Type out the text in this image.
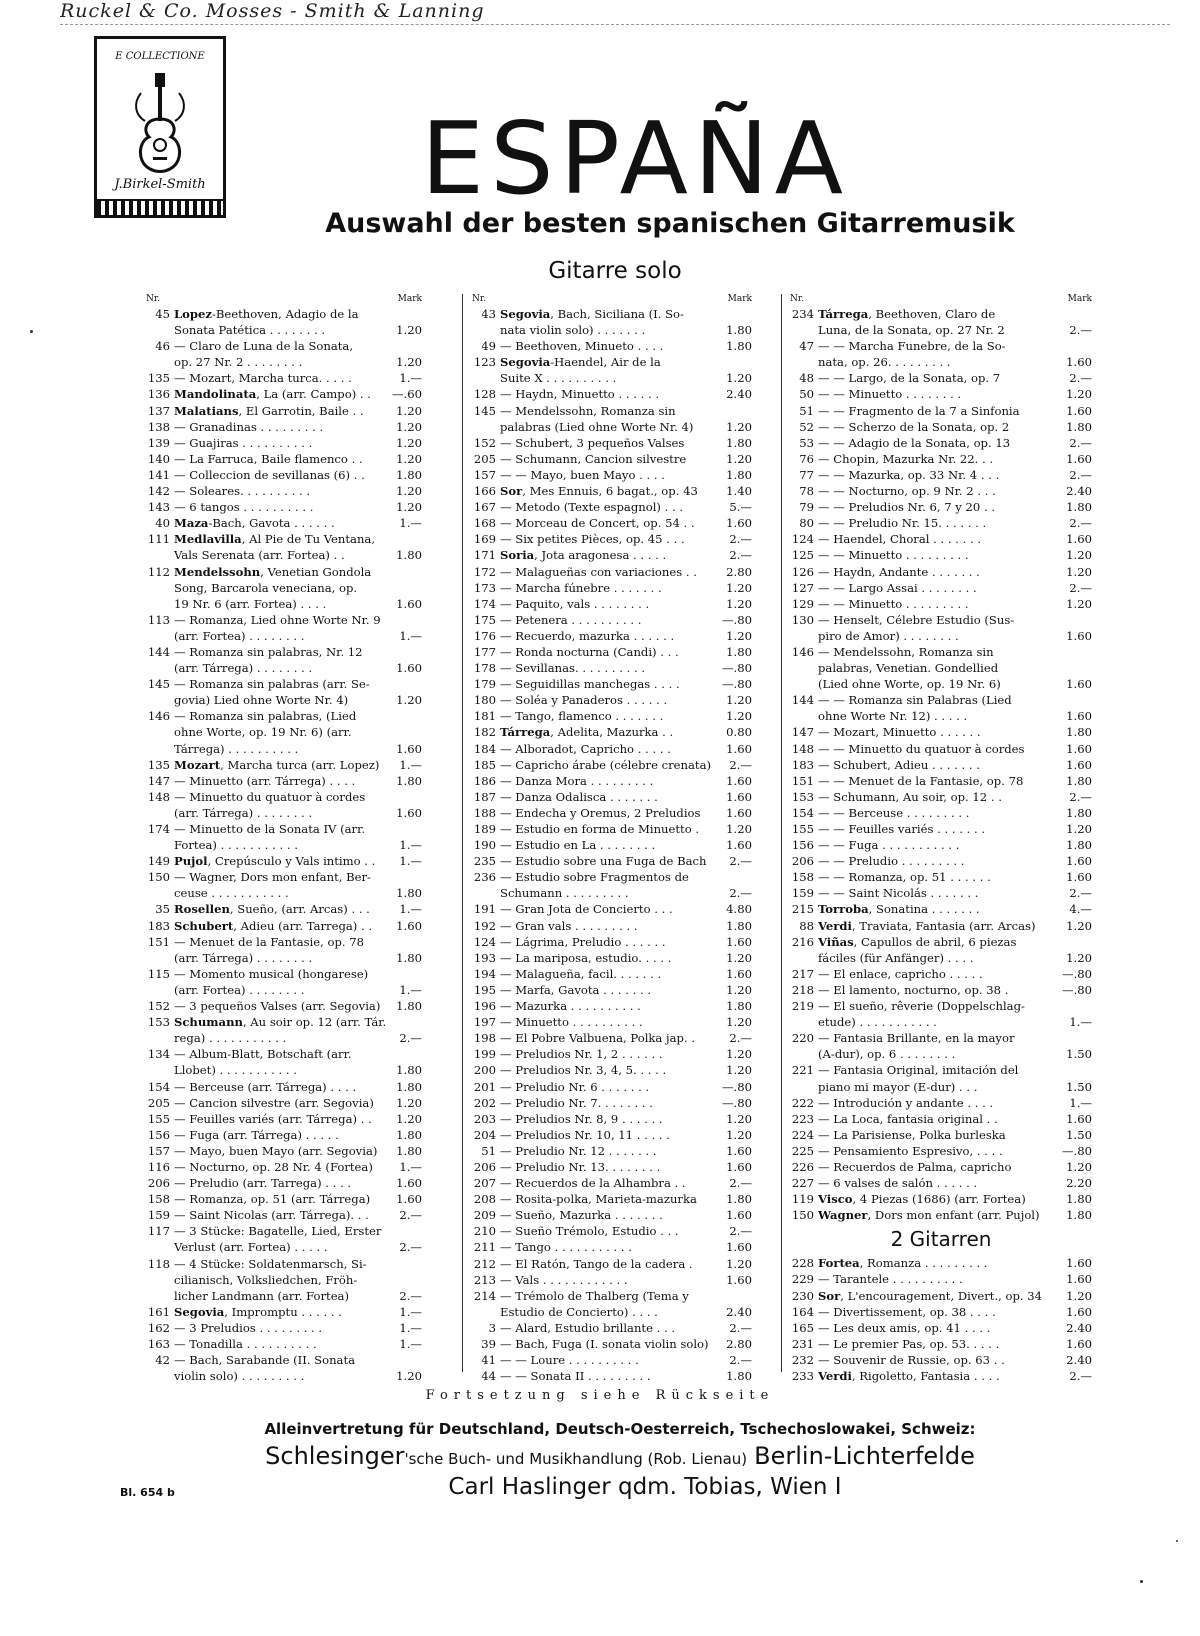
Ruckel & Co. Mosses - Smith & Lanning
E COLLECTIONE
J.Birkel-Smith	ESPAÑA
Auswahl der besten spanischen Gitarremusik
Gitarre solo
Nr.	Mark
45 Lopez-Beethoven, Adagio de la
Sonata Patética . . . . . . . .	1.20
46 — Claro de Luna de la Sonata,
op. 27 Nr. 2 . . . . . . . .	1.20
135 — Mozart, Marcha turca. . . . .	1.—
136 Mandolinata, La (arr. Campo) . .	—.60
137 Malatians, El Garrotin, Baile . .	1.20
138 — Granadinas . . . . . . . . .	1.20
139 — Guajiras . . . . . . . . . .	1.20
140 — La Farruca, Baile flamenco . .	1.20
141 — Colleccion de sevillanas (6) . .	1.80
142 — Soleares. . . . . . . . . .	1.20
143 — 6 tangos . . . . . . . . . .	1.20
40 Maza-Bach, Gavota . . . . . .	1.—
111 Medlavilla, Al Pie de Tu Ventana,
Vals Serenata (arr. Fortea) . .	1.80
112 Mendelssohn, Venetian Gondola
Song, Barcarola veneciana, op.
19 Nr. 6 (arr. Fortea) . . . .	1.60
113 — Romanza, Lied ohne Worte Nr. 9
(arr. Fortea) . . . . . . . .	1.—
144 — Romanza sin palabras, Nr. 12
(arr. Tárrega) . . . . . . . .	1.60
145 — Romanza sin palabras (arr. Se-
govia) Lied ohne Worte Nr. 4)	1.20
146 — Romanza sin palabras, (Lied
ohne Worte, op. 19 Nr. 6) (arr.
Tárrega) . . . . . . . . . .	1.60
135 Mozart, Marcha turca (arr. Lopez)	1.—
147 — Minuetto (arr. Tárrega) . . . .	1.80
148 — Minuetto du quatuor à cordes
(arr. Tárrega) . . . . . . . .	1.60
174 — Minuetto de la Sonata IV (arr.
Fortea) . . . . . . . . . . .	1.—
149 Pujol, Crepúsculo y Vals intimo . .	1.—
150 — Wagner, Dors mon enfant, Ber-
ceuse . . . . . . . . . . .	1.80
35 Rosellen, Sueño, (arr. Arcas) . . .	1.—
183 Schubert, Adieu (arr. Tarrega) . .	1.60
151 — Menuet de la Fantasie, op. 78
(arr. Tárrega) . . . . . . . .	1.80
115 — Momento musical (hongarese)
(arr. Fortea) . . . . . . . .	1.—
152 — 3 pequeños Valses (arr. Segovia)	1.80
153 Schumann, Au soir op. 12 (arr. Tár.
rega) . . . . . . . . . . .	2.—
134 — Album-Blatt, Botschaft (arr.
Llobet) . . . . . . . . . . .	1.80
154 — Berceuse (arr. Tárrega) . . . .	1.80
205 — Cancion silvestre (arr. Segovia)	1.20
155 — Feuilles variés (arr. Tárrega) . .	1.20
156 — Fuga (arr. Tárrega) . . . . .	1.80
157 — Mayo, buen Mayo (arr. Segovia)	1.80
116 — Nocturno, op. 28 Nr. 4 (Fortea)	1.—
206 — Preludio (arr. Tarrega) . . . .	1.60
158 — Romanza, op. 51 (arr. Tárrega)	1.60
159 — Saint Nicolas (arr. Tárrega). . .	2.—
117 — 3 Stücke: Bagatelle, Lied, Erster
Verlust (arr. Fortea) . . . . .	2.—
118 — 4 Stücke: Soldatenmarsch, Si-
cilianisch, Volksliedchen, Fröh-
licher Landmann (arr. Fortea)	2.—
161 Segovia, Impromptu . . . . . .	1.—
162 — 3 Preludios . . . . . . . . .	1.—
163 — Tonadilla . . . . . . . . . .	1.—
42 — Bach, Sarabande (II. Sonata
violin solo) . . . . . . . . .	1.20
Nr.	Mark
43 Segovia, Bach, Siciliana (I. So-
nata violin solo) . . . . . . .	1.80
49 — Beethoven, Minueto . . . .	1.80
123 Segovia-Haendel, Air de la
Suite X . . . . . . . . . .	1.20
128 — Haydn, Minuetto . . . . . .	2.40
145 — Mendelssohn, Romanza sin
palabras (Lied ohne Worte Nr. 4)	1.20
152 — Schubert, 3 pequeños Valses	1.80
205 — Schumann, Cancion silvestre	1.20
157 — — Mayo, buen Mayo . . . .	1.80
166 Sor, Mes Ennuis, 6 bagat., op. 43	1.40
167 — Metodo (Texte espagnol) . . .	5.—
168 — Morceau de Concert, op. 54 . .	1.60
169 — Six petites Pièces, op. 45 . . .	2.—
171 Soria, Jota aragonesa . . . . .	2.—
172 — Malagueñas con variaciones . .	2.80
173 — Marcha fúnebre . . . . . . .	1.20
174 — Paquito, vals . . . . . . . .	1.20
175 — Petenera . . . . . . . . . .	—.80
176 — Recuerdo, mazurka . . . . . .	1.20
177 — Ronda nocturna (Candi) . . .	1.80
178 — Sevillanas. . . . . . . . . .	—.80
179 — Seguidillas manchegas . . . .	—.80
180 — Soléa y Panaderos . . . . . .	1.20
181 — Tango, flamenco . . . . . . .	1.20
182 Tárrega, Adelita, Mazurka . .	0.80
184 — Alboradot, Capricho . . . . .	1.60
185 — Capricho árabe (célebre crenata)	2.—
186 — Danza Mora . . . . . . . . .	1.60
187 — Danza Odalisca . . . . . . .	1.60
188 — Endecha y Oremus, 2 Preludios	1.60
189 — Estudio en forma de Minuetto .	1.20
190 — Estudio en La . . . . . . . .	1.60
235 — Estudio sobre una Fuga de Bach	2.—
236 — Estudio sobre Fragmentos de
Schumann . . . . . . . . .	2.—
191 — Gran Jota de Concierto . . .	4.80
192 — Gran vals . . . . . . . . .	1.80
124 — Lágrima, Preludio . . . . . .	1.60
193 — La mariposa, estudio. . . . .	1.20
194 — Malagueña, facil. . . . . . .	1.60
195 — Marfa, Gavota . . . . . . .	1.20
196 — Mazurka . . . . . . . . . .	1.80
197 — Minuetto . . . . . . . . . .	1.20
198 — El Pobre Valbuena, Polka jap. .	2.—
199 — Preludios Nr. 1, 2 . . . . . .	1.20
200 — Preludios Nr. 3, 4, 5. . . . .	1.20
201 — Preludio Nr. 6 . . . . . . .	—.80
202 — Preludio Nr. 7. . . . . . . .	—.80
203 — Preludios Nr. 8, 9 . . . . . .	1.20
204 — Preludios Nr. 10, 11 . . . . .	1.20
51 — Preludio Nr. 12 . . . . . . .	1.60
206 — Preludio Nr. 13. . . . . . . .	1.60
207 — Recuerdos de la Alhambra . .	2.—
208 — Rosita-polka, Marieta-mazurka	1.80
209 — Sueño, Mazurka . . . . . . .	1.60
210 — Sueño Trémolo, Estudio . . .	2.—
211 — Tango . . . . . . . . . . .	1.60
212 — El Ratón, Tango de la cadera .	1.20
213 — Vals . . . . . . . . . . . .	1.60
214 — Trémolo de Thalberg (Tema y
Estudio de Concierto) . . . .	2.40
3 — Alard, Estudio brillante . . .	2.—
39 — Bach, Fuga (I. sonata violin solo)	2.80
41 — — Loure . . . . . . . . . .	2.—
44 — — Sonata II . . . . . . . . .	1.80
Nr.	Mark
234 Tárrega, Beethoven, Claro de
Luna, de la Sonata, op. 27 Nr. 2	2.—
47 — — Marcha Funebre, de la So-
nata, op. 26. . . . . . . . .	1.60
48 — — Largo, de la Sonata, op. 7	2.—
50 — — Minuetto . . . . . . . .	1.20
51 — — Fragmento de la 7 a Sinfonia	1.60
52 — — Scherzo de la Sonata, op. 2	1.80
53 — — Adagio de la Sonata, op. 13	2.—
76 — Chopin, Mazurka Nr. 22. . .	1.60
77 — — Mazurka, op. 33 Nr. 4 . . .	2.—
78 — — Nocturno, op. 9 Nr. 2 . . .	2.40
79 — — Preludios Nr. 6, 7 y 20 . .	1.80
80 — — Preludio Nr. 15. . . . . . .	2.—
124 — Haendel, Choral . . . . . . .	1.60
125 — — Minuetto . . . . . . . . .	1.20
126 — Haydn, Andante . . . . . . .	1.20
127 — — Largo Assai . . . . . . . .	2.—
129 — — Minuetto . . . . . . . . .	1.20
130 — Henselt, Célebre Estudio (Sus-
piro de Amor) . . . . . . . .	1.60
146 — Mendelssohn, Romanza sin
palabras, Venetian. Gondellied
(Lied ohne Worte, op. 19 Nr. 6)	1.60
144 — — Romanza sin Palabras (Lied
ohne Worte Nr. 12) . . . . .	1.60
147 — Mozart, Minuetto . . . . . .	1.80
148 — — Minuetto du quatuor à cordes	1.60
183 — Schubert, Adieu . . . . . . .	1.60
151 — — Menuet de la Fantasie, op. 78	1.80
153 — Schumann, Au soir, op. 12 . .	2.—
154 — — Berceuse . . . . . . . . .	1.80
155 — — Feuilles variés . . . . . . .	1.20
156 — — Fuga . . . . . . . . . . .	1.80
206 — — Preludio . . . . . . . . .	1.60
158 — — Romanza, op. 51 . . . . . .	1.60
159 — — Saint Nicolás . . . . . . .	2.—
215 Torroba, Sonatina . . . . . . .	4.—
88 Verdi, Traviata, Fantasia (arr. Arcas)	1.20
216 Viñas, Capullos de abril, 6 piezas
fáciles (für Anfänger) . . . .	1.20
217 — El enlace, capricho . . . . .	—.80
218 — El lamento, nocturno, op. 38 .	—.80
219 — El sueño, rêverie (Doppelschlag-
etude) . . . . . . . . . . .	1.—
220 — Fantasia Brillante, en la mayor
(A-dur), op. 6 . . . . . . . .	1.50
221 — Fantasia Original, imitación del
piano mi mayor (E-dur) . . .	1.50
222 — Introdución y andante . . . .	1.—
223 — La Loca, fantasia original . .	1.60
224 — La Parisiense, Polka burleska	1.50
225 — Pensamiento Espresivo, . . . .	—.80
226 — Recuerdos de Palma, capricho	1.20
227 — 6 valses de salón . . . . . .	2.20
119 Visco, 4 Piezas (1686) (arr. Fortea)	1.80
150 Wagner, Dors mon enfant (arr. Pujol)	1.80
2 Gitarren
228 Fortea, Romanza . . . . . . . . .	1.60
229 — Tarantele . . . . . . . . . .	1.60
230 Sor, L'encouragement, Divert., op. 34	1.20
164 — Divertissement, op. 38 . . . .	1.60
165 — Les deux amis, op. 41 . . . .	2.40
231 — Le premier Pas, op. 53. . . . .	1.60
232 — Souvenir de Russie, op. 63 . .	2.40
233 Verdi, Rigoletto, Fantasia . . . .	2.—
Fortsetzung siehe Rückseite
Alleinvertretung für Deutschland, Deutsch-Oesterreich, Tschechoslowakei, Schweiz:
Schlesinger'sche Buch- und Musikhandlung (Rob. Lienau) Berlin-Lichterfelde
Carl Haslinger qdm. Tobias, Wien I
Bl. 654 b
